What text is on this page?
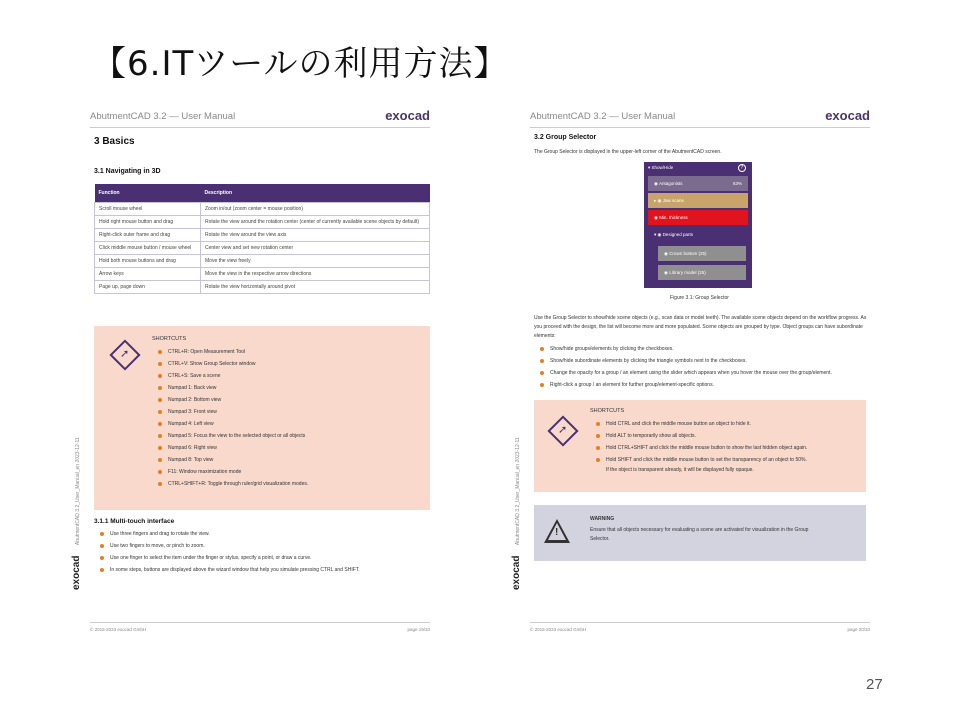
【6.ITツールの利用方法】
exocad AbutmentCAD 3.2_User_Manual_en 2023-12-11
AbutmentCAD 3.2 — User Manual	exocad
3 Basics
3.1 Navigating in 3D
Function	Description
Scroll mouse wheel	Zoom in/out (zoom center = mouse position)
Hold right mouse button and drag	Rotate the view around the rotation center (center of currently available scene objects by default)
Right-click outer frame and drag	Rotate the view around the view axis
Click middle mouse button / mouse wheel	Center view and set new rotation center
Hold both mouse buttons and drag	Move the view freely
Arrow keys	Move the view in the respective arrow directions
Page up, page down	Rotate the view horizontally around pivot
➚
SHORTCUTS
CTRL+R: Open Measurement Tool
CTRL+V: Show Group Selector window
CTRL+S: Save a scene
Numpad 1: Back view
Numpad 2: Bottom view
Numpad 3: Front view
Numpad 4: Left view
Numpad 5: Focus the view to the selected object or all objects
Numpad 6: Right view
Numpad 8: Top view
F11: Window maximization mode
CTRL+SHIFT+R: Toggle through ruler/grid visualization modes.
3.1.1 Multi-touch interface
Use three fingers and drag to rotate the view.
Use two fingers to move, or pinch to zoom.
Use one finger to select the item under the finger or stylus, specify a point, or draw a curve.
In some steps, buttons are displayed above the wizard window that help you simulate pressing CTRL and SHIFT.
© 2015-2023 exocad GmbH	page 19/33
exocad AbutmentCAD 3.2_User_Manual_en 2023-12-11
AbutmentCAD 3.2 — User Manual	exocad
3.2 Group Selector
The Group Selector is displayed in the upper-left corner of the AbutmentCAD screen.
▾ Show/Hide	?
◉ Antagonists	63%
▸ ◉ Jaw scans
◉ Min. thickness
▾ ◉ Designed parts
◉ Crown bottom (25)
◉ Library model (25)
Figure 3.1: Group Selector
Use the Group Selector to show/hide scene objects (e.g., scan data or model teeth). The available scene objects depend on the workflow progress. As you proceed with the design, the list will become more and more populated. Scene objects are grouped by type. Object groups can have subordinate elements:
Show/hide groups/elements by clicking the checkboxes.
Show/hide subordinate elements by clicking the triangle symbols next to the checkboxes.
Change the opacity for a group / an element using the slider which appears when you hover the mouse over the group/element.
Right-click a group / an element for further group/element-specific options.
➚
SHORTCUTS
Hold CTRL and click the middle mouse button an object to hide it.
Hold ALT to temporarily show all objects.
Hold CTRL+SHIFT and click the middle mouse button to show the last hidden object again.
Hold SHIFT and click the middle mouse button to set the transparency of an object to 50%.
If the object is transparent already, it will be displayed fully opaque.
!
WARNING
Ensure that all objects necessary for evaluating a scene are activated for visualization in the Group
Selector.
© 2015-2023 exocad GmbH	page 20/33
27
